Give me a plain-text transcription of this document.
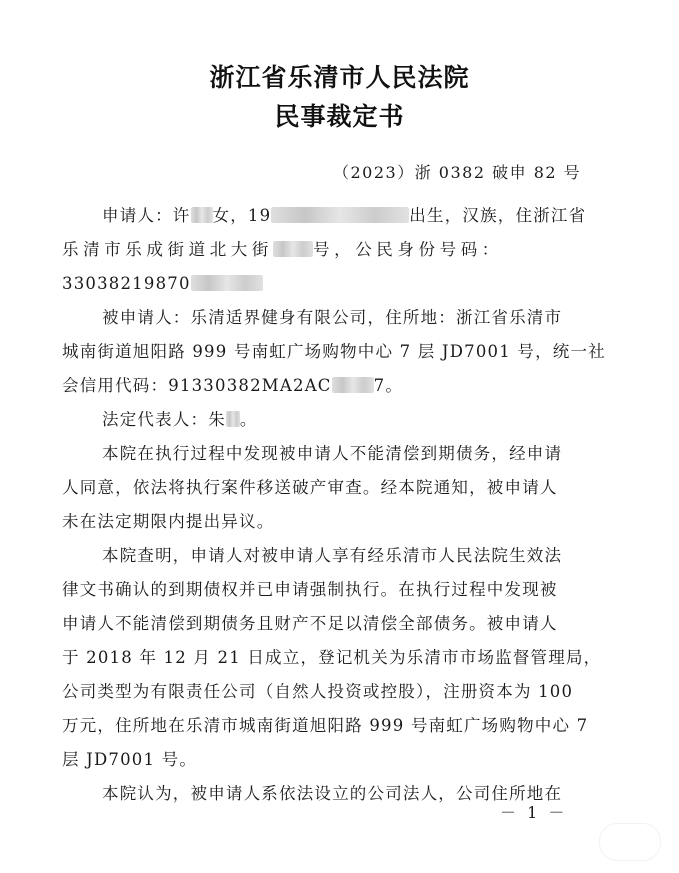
浙江省乐清市人民法院
民事裁定书
（2023）浙 0382 破申 82 号
申请人：许 女，19	出生，汉族，住浙江省
乐清市乐成街道北大街 号，公民身份号码：
33038219870
被申请人：乐清适界健身有限公司，住所地：浙江省乐清市
城南街道旭阳路 999 号南虹广场购物中心 7 层 JD7001 号，统一社
会信用代码：91330382MA2AC	7。
法定代表人：朱 。
本院在执行过程中发现被申请人不能清偿到期债务，经申请
人同意，依法将执行案件移送破产审查。经本院通知，被申请人
未在法定期限内提出异议。
本院查明，申请人对被申请人享有经乐清市人民法院生效法
律文书确认的到期债权并已申请强制执行。在执行过程中发现被
申请人不能清偿到期债务且财产不足以清偿全部债务。被申请人
于 2018 年 12 月 21 日成立，登记机关为乐清市市场监督管理局，
公司类型为有限责任公司（自然人投资或控股），注册资本为 100
万元，住所地在乐清市城南街道旭阳路 999 号南虹广场购物中心 7
层 JD7001 号。
本院认为，被申请人系依法设立的公司法人，公司住所地在
－ 1 －
